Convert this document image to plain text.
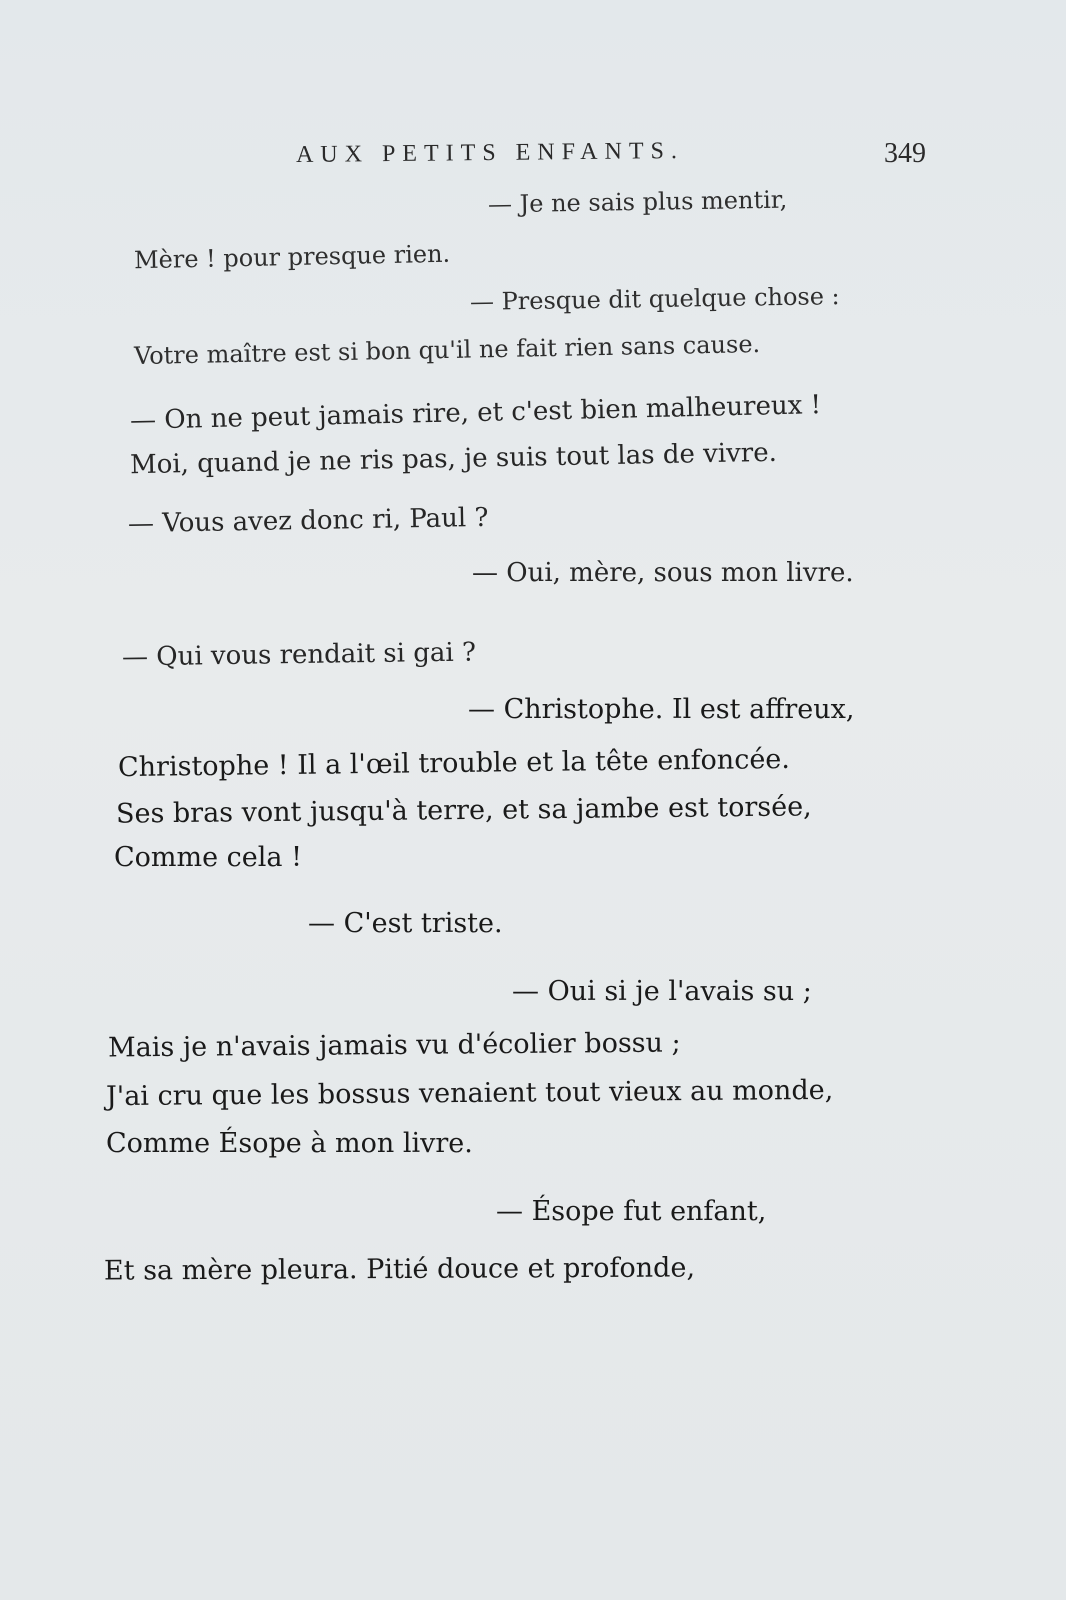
AUX PETITS ENFANTS.	349
— Je ne sais plus mentir,
Mère ! pour presque rien.
— Presque dit quelque chose :
Votre maître est si bon qu'il ne fait rien sans cause.
— On ne peut jamais rire, et c'est bien malheureux !
Moi, quand je ne ris pas, je suis tout las de vivre.
— Vous avez donc ri, Paul ?
— Oui, mère, sous mon livre.
— Qui vous rendait si gai ?
— Christophe. Il est affreux,
Christophe ! Il a l'œil trouble et la tête enfoncée.
Ses bras vont jusqu'à terre, et sa jambe est torsée,
Comme cela !
— C'est triste.
— Oui si je l'avais su ;
Mais je n'avais jamais vu d'écolier bossu ;
J'ai cru que les bossus venaient tout vieux au monde,
Comme Ésope à mon livre.
— Ésope fut enfant,
Et sa mère pleura. Pitié douce et profonde,
